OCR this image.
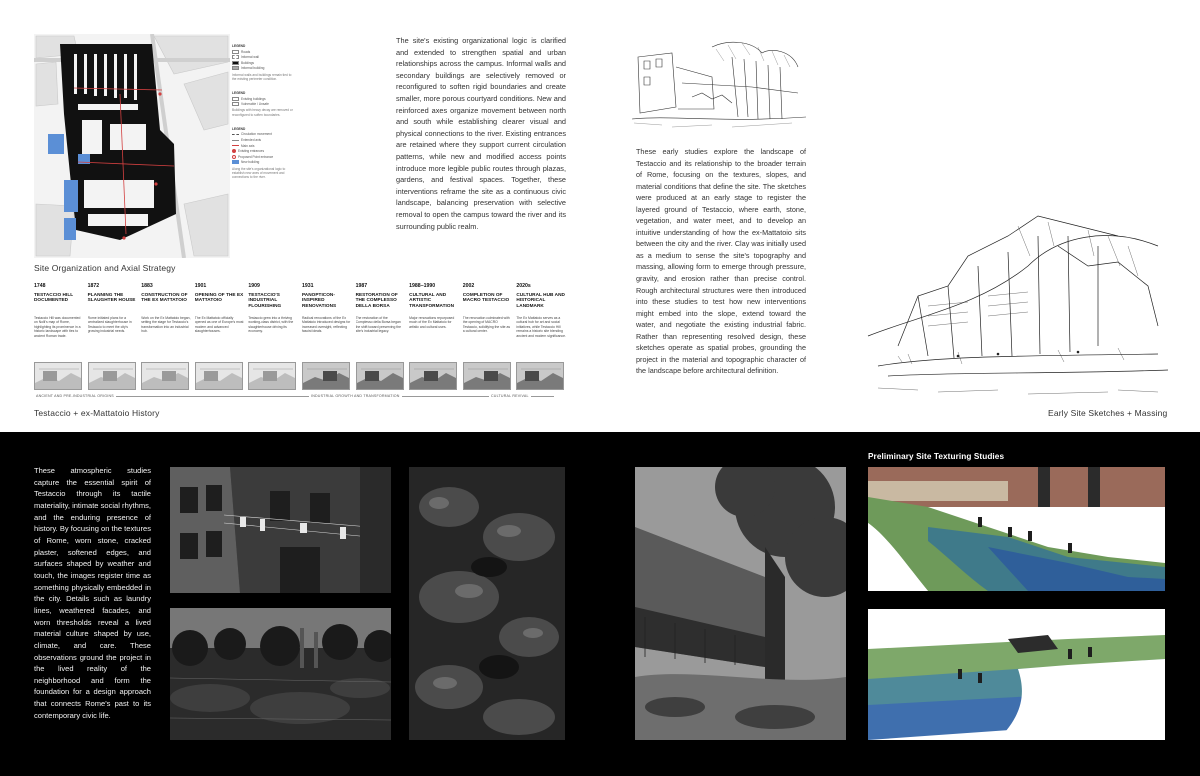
LEGEND
Roads
Informal wall
Buildings
Informal building
Informal walls and buildings remain tied to the existing perimeter condition.
LEGEND
Existing buildings
Vulnerable / Unsafe
Buildings with heavy decay are removed or reconfigured to soften boundaries.
LEGEND
Circulation movement
Extended axis
Main axis
Existing entrances
Proposed Point entrance
New building
Along the site's organizational logic to establish new axes of movement and connections to the river.
Site Organization and Axial Strategy
The site's existing organizational logic is clarified and extended to strengthen spatial and urban relationships across the campus. Informal walls and secondary buildings are selectively removed or reconfigured to soften rigid boundaries and create smaller, more porous courtyard conditions. New and reinforced axes organize movement between north and south while establishing clearer visual and physical connections to the river. Existing entrances are retained where they support current circulation patterns, while new and modified access points introduce more legible public routes through plazas, gardens, and festival spaces. Together, these interventions reframe the site as a continuous civic landscape, balancing preservation with selective removal to open the campus toward the river and its surrounding public realm.
1748
TESTACCIO HILL DOCUMENTED
Testaccio Hill was documented on Nolli's map of Rome, highlighting its prominence in a historic landscape with ties to ancient Roman trade.
1872
PLANNING THE SLAUGHTER HOUSE
Rome initiated plans for a centralized slaughterhouse in Testaccio to meet the city's growing industrial needs.
1883
CONSTRUCTION OF THE EX MATTATOIO
Work on the Ex Mattatoio began, setting the stage for Testaccio's transformation into an industrial hub.
1901
OPENING OF THE EX MATTATOIO
The Ex Mattatoio officially opened as one of Europe's most modern and advanced slaughterhouses.
1909
TESTACCIO'S INDUSTRIAL FLOURISHING
Testaccio grew into a thriving working-class district, with the slaughterhouse driving its economy.
1931
PANOPTICON-INSPIRED RENOVATIONS
Radical renovations of the Ex Mattatoio introduced designs for increased oversight, reflecting fascist ideals.
1987
RESTORATION OF THE COMPLESSO DELLA BORSA
The restoration of the Complesso della Borsa began the shift toward preserving the site's industrial legacy.
1988–1990
CULTURAL AND ARTISTIC TRANSFORMATION
Major renovations repurposed much of the Ex Mattatoio for artistic and cultural uses.
2002
COMPLETION OF MACRO TESTACCIO
The renovation culminated with the opening of MACRO Testaccio, solidifying the site as a cultural center.
2020s
CULTURAL HUB AND HISTORICAL LANDMARK
The Ex Mattatoio serves as a cultural hub for art and social initiatives, while Testaccio Hill remains a historic site blending ancient and modern significance.
ANCIENT AND PRE-INDUSTRIAL ORIGINS	INDUSTRIAL GROWTH AND TRANSFORMATION	CULTURAL REVIVAL
Testaccio + ex-Mattatoio History
These early studies explore the landscape of Testaccio and its relationship to the broader terrain of Rome, focusing on the textures, slopes, and material conditions that define the site. The sketches were produced at an early stage to register the layered ground of Testaccio, where earth, stone, vegetation, and water meet, and to develop an intuitive understanding of how the ex-Mattatoio sits between the city and the river. Clay was initially used as a medium to sense the site's topography and massing, allowing form to emerge through pressure, gravity, and erosion rather than precise control. Rough architectural structures were then introduced into these studies to test how new interventions might embed into the slope, extend toward the water, and negotiate the existing industrial fabric. Rather than representing resolved design, these sketches operate as spatial probes, grounding the project in the material and topographic character of the landscape before architectural definition.
Early Site Sketches + Massing
These atmospheric studies capture the essential spirit of Testaccio through its tactile materiality, intimate social rhythms, and the enduring presence of history. By focusing on the textures of Rome, worn stone, cracked plaster, softened edges, and surfaces shaped by weather and touch, the images register time as something physically embedded in the city. Details such as laundry lines, weathered facades, and worn thresholds reveal a lived material culture shaped by use, climate, and care. These observations ground the project in the lived reality of the neighborhood and form the foundation for a design approach that connects Rome's past to its contemporary civic life.
Preliminary Site Texturing Studies
